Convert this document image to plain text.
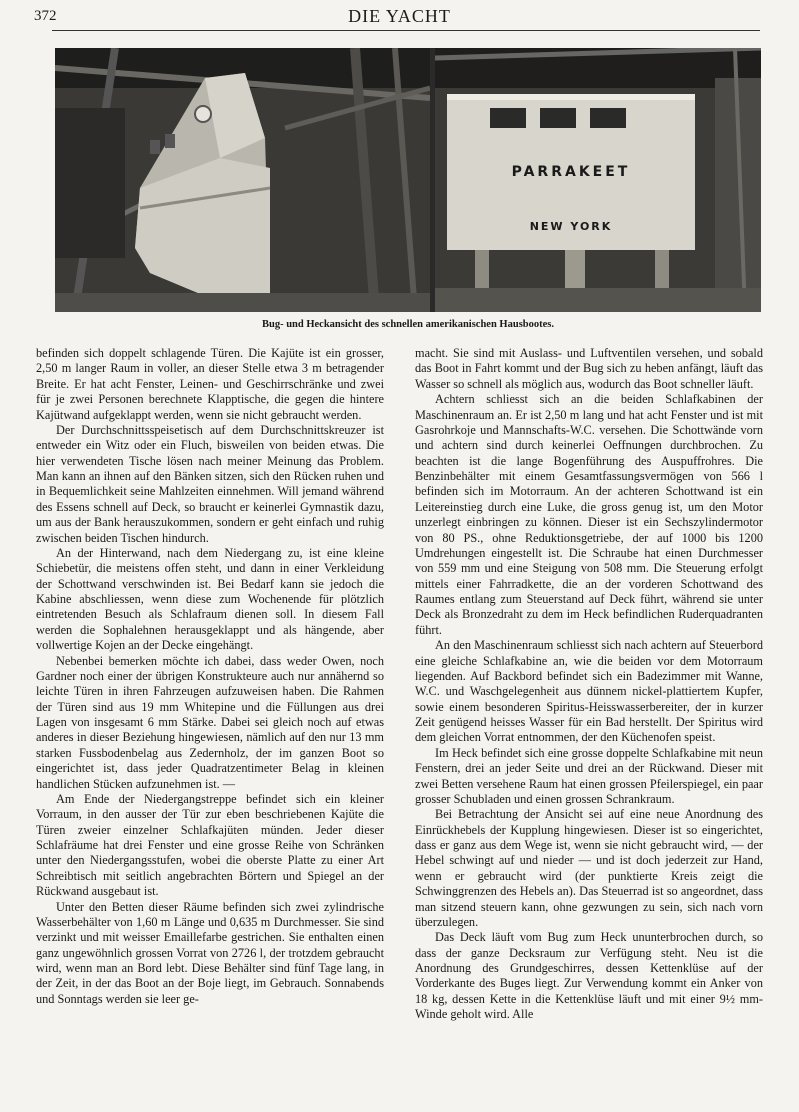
372	DIE YACHT
PARRAKEET
NEW YORK
Bug- und Heckansicht des schnellen amerikanischen Hausbootes.

befinden sich doppelt schlagende Türen. Die Kajüte ist ein grosser, 2,50 m langer Raum in voller, an dieser Stelle etwa 3 m betragender Breite. Er hat acht Fenster, Leinen- und Geschirrschränke und zwei für je zwei Personen berechnete Klapptische, die gegen die hintere Kajütwand aufgeklappt werden, wenn sie nicht gebraucht werden.

Der Durchschnittsspeisetisch auf dem Durchschnittskreuzer ist entweder ein Witz oder ein Fluch, bisweilen von beiden etwas. Die hier verwendeten Tische lösen nach meiner Meinung das Problem. Man kann an ihnen auf den Bänken sitzen, sich den Rücken ruhen und in Bequemlichkeit seine Mahlzeiten einnehmen. Will jemand während des Essens schnell auf Deck, so braucht er keinerlei Gymnastik dazu, um aus der Bank herauszukommen, sondern er geht einfach und ruhig zwischen beiden Tischen hindurch.

An der Hinterwand, nach dem Niedergang zu, ist eine kleine Schiebetür, die meistens offen steht, und dann in einer Verkleidung der Schottwand verschwinden ist. Bei Bedarf kann sie jedoch die Kabine abschliessen, wenn diese zum Wochenende für plötzlich eintretenden Besuch als Schlafraum dienen soll. In diesem Fall werden die Sophalehnen herausgeklappt und als hängende, aber vollwertige Kojen an der Decke eingehängt.

Nebenbei bemerken möchte ich dabei, dass weder Owen, noch Gardner noch einer der übrigen Konstrukteure auch nur annähernd so leichte Türen in ihren Fahrzeugen aufzuweisen haben. Die Rahmen der Türen sind aus 19 mm Whitepine und die Füllungen aus drei Lagen von insgesamt 6 mm Stärke. Dabei sei gleich noch auf etwas anderes in dieser Beziehung hingewiesen, nämlich auf den nur 13 mm starken Fussbodenbelag aus Zedernholz, der im ganzen Boot so eingerichtet ist, dass jeder Quadratzentimeter Belag in kleinen handlichen Stücken aufzunehmen ist. —

Am Ende der Niedergangstreppe befindet sich ein kleiner Vorraum, in den ausser der Tür zur eben beschriebenen Kajüte die Türen zweier einzelner Schlafkajüten münden. Jeder dieser Schlafräume hat drei Fenster und eine grosse Reihe von Schränken unter den Niedergangsstufen, wobei die oberste Platte zu einer Art Schreibtisch mit seitlich angebrachten Börtern und Spiegel an der Rückwand ausgebaut ist.

Unter den Betten dieser Räume befinden sich zwei zylindrische Wasserbehälter von 1,60 m Länge und 0,635 m Durchmesser. Sie sind verzinkt und mit weisser Emaillefarbe gestrichen. Sie enthalten einen ganz ungewöhnlich grossen Vorrat von 2726 l, der trotzdem gebraucht wird, wenn man an Bord lebt. Diese Behälter sind fünf Tage lang, in der Zeit, in der das Boot an der Boje liegt, im Gebrauch. Sonnabends und Sonntags werden sie leer ge-

macht. Sie sind mit Auslass- und Luftventilen versehen, und sobald das Boot in Fahrt kommt und der Bug sich zu heben anfängt, läuft das Wasser so schnell als möglich aus, wodurch das Boot schneller läuft.

Achtern schliesst sich an die beiden Schlafkabinen der Maschinenraum an. Er ist 2,50 m lang und hat acht Fenster und ist mit Gasrohrkoje und Mannschafts-W.C. versehen. Die Schottwände vorn und achtern sind durch keinerlei Oeffnungen durchbrochen. Zu beachten ist die lange Bogenführung des Auspuffrohres. Die Benzinbehälter mit einem Gesamtfassungsvermögen von 566 l befinden sich im Motorraum. An der achteren Schottwand ist ein Leitereinstieg durch eine Luke, die gross genug ist, um den Motor unzerlegt einbringen zu können. Dieser ist ein Sechszylindermotor von 80 PS., ohne Reduktionsgetriebe, der auf 1000 bis 1200 Umdrehungen eingestellt ist. Die Schraube hat einen Durchmesser von 559 mm und eine Steigung von 508 mm. Die Steuerung erfolgt mittels einer Fahrradkette, die an der vorderen Schottwand des Raumes entlang zum Steuerstand auf Deck führt, während sie unter Deck als Bronzedraht zu dem im Heck befindlichen Ruderquadranten führt.

An den Maschinenraum schliesst sich nach achtern auf Steuerbord eine gleiche Schlafkabine an, wie die beiden vor dem Motorraum liegenden. Auf Backbord befindet sich ein Badezimmer mit Wanne, W.C. und Waschgelegenheit aus dünnem nickel-plattiertem Kupfer, sowie einem besonderen Spiritus-Heisswasserbereiter, der in kurzer Zeit genügend heisses Wasser für ein Bad herstellt. Der Spiritus wird dem gleichen Vorrat entnommen, der den Küchenofen speist.

Im Heck befindet sich eine grosse doppelte Schlafkabine mit neun Fenstern, drei an jeder Seite und drei an der Rückwand. Dieser mit zwei Betten versehene Raum hat einen grossen Pfeilerspiegel, ein paar grosser Schubladen und einen grossen Schrankraum.

Bei Betrachtung der Ansicht sei auf eine neue Anordnung des Einrückhebels der Kupplung hingewiesen. Dieser ist so eingerichtet, dass er ganz aus dem Wege ist, wenn sie nicht gebraucht wird, — der Hebel schwingt auf und nieder — und ist doch jederzeit zur Hand, wenn er gebraucht wird (der punktierte Kreis zeigt die Schwinggrenzen des Hebels an). Das Steuerrad ist so angeordnet, dass man sitzend steuern kann, ohne gezwungen zu sein, sich nach vorn überzulegen.

Das Deck läuft vom Bug zum Heck ununterbrochen durch, so dass der ganze Decksraum zur Verfügung steht. Neu ist die Anordnung des Grundgeschirres, dessen Kettenklüse auf der Vorderkante des Buges liegt. Zur Verwendung kommt ein Anker von 18 kg, dessen Kette in die Kettenklüse läuft und mit einer 9½ mm-Winde geholt wird. Alle
